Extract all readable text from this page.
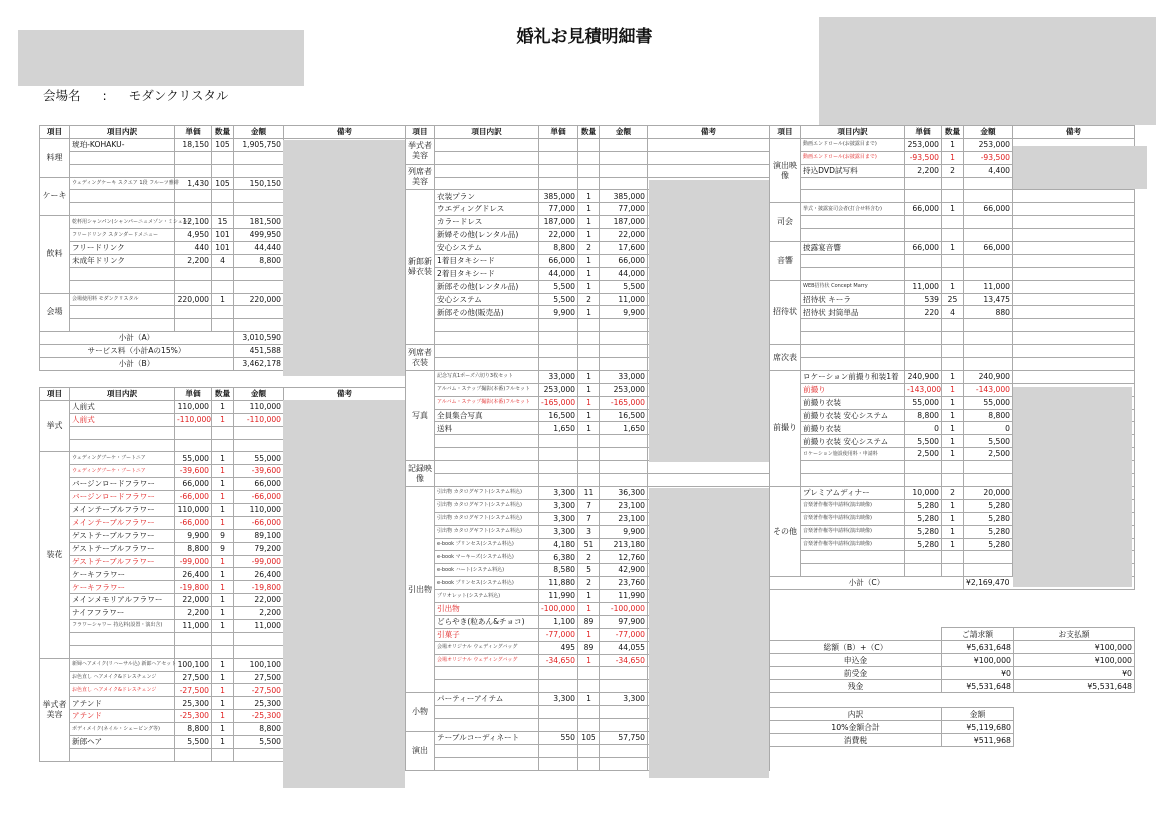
婚礼お見積明細書
会場名 : モダンクリスタル
項目	項目内訳	単価	数量	金額	備考
料理	琥珀-KOHAKU-	18,150	105	1,905,750	

ケーキ	ウェディングケーキ スクエア 1段 フルーツ雅緋	1,430	105	150,150	

飲料	乾杯用シャンパン(シャンパーニュメゾン・ミシェル)	12,100	15	181,500	
	フリードリンク スタンダードメニュー	4,950	101	499,950	
	フリードリンク	440	101	44,440	
	未成年ドリンク	2,200	4	8,800	

会場	会場使用料 モダンクリスタル	220,000	1	220,000	

小計（A）				3,010,590	
サービス料（小計Aの15%）				451,588	
小計（B）				3,462,178	
項目	項目内訳	単価	数量	金額	備考
挙式	人前式	110,000	1	110,000	
	人前式	-110,000	1	-110,000	

装花	ウェディングブーケ・ブートニア	55,000	1	55,000	
	ウェディングブーケ・ブートニア	-39,600	1	-39,600	
	バージンロードフラワー	66,000	1	66,000	
	バージンロードフラワー	-66,000	1	-66,000	
	メインテーブルフラワー	110,000	1	110,000	
	メインテーブルフラワー	-66,000	1	-66,000	
	ゲストテーブルフラワー	9,900	9	89,100	
	ゲストテーブルフラワー	8,800	9	79,200	
	ゲストテーブルフラワー	-99,000	1	-99,000	
	ケーキフラワー	26,400	1	26,400	
	ケーキフラワー	-19,800	1	-19,800	
	メインメモリアルフラワー	22,000	1	22,000	
	ナイフフラワー	2,200	1	2,200	
	フラワーシャワー 持込料(設置・演出含)	11,000	1	11,000	

挙式者 美容	新婦ヘアメイク(リハーサル込) 新郎ヘアセット	100,100	1	100,100	
	お色直し ヘアメイク&ドレスチェンジ	27,500	1	27,500	
	お色直し ヘアメイク&ドレスチェンジ	-27,500	1	-27,500	
	アテンド	25,300	1	25,300	
	アテンド	-25,300	1	-25,300	
	ボディメイク(ネイル・シェービング等)	8,800	1	8,800	
	新郎ヘア	5,500	1	5,500	

項目	項目内訳	単価	数量	金額	備考
挙式者 美容					

列席者 美容					

新郎新 婦衣装	衣装プラン	385,000	1	385,000	
	ウエディングドレス	77,000	1	77,000	
	カラードレス	187,000	1	187,000	
	新婦その他(レンタル品)	22,000	1	22,000	
	安心システム	8,800	2	17,600	
	1着目タキシード	66,000	1	66,000	
	2着目タキシード	44,000	1	44,000	
	新郎その他(レンタル品)	5,500	1	5,500	
	安心システム	5,500	2	11,000	
	新郎その他(販売品)	9,900	1	9,900	

列席者 衣装					

写真	記念写真1ポーズ六切り3枚セット	33,000	1	33,000	
	アルバム・スナップ撮影(本番)フルセット	253,000	1	253,000	
	アルバム・スナップ撮影(本番)フルセット	-165,000	1	-165,000	
	全員集合写真	16,500	1	16,500	
	送料	1,650	1	1,650	

記録映 像					

引出物	引出物 カタログギフト(システム料込)	3,300	11	36,300	
	引出物 カタログギフト(システム料込)	3,300	7	23,100	
	引出物 カタログギフト(システム料込)	3,300	7	23,100	
	引出物 カタログギフト(システム料込)	3,300	3	9,900	
	e-book プリンセス(システム料込)	4,180	51	213,180	
	e-book マーキーズ(システム料込)	6,380	2	12,760	
	e-book ハート(システム料込)	8,580	5	42,900	
	e-book プリンセス(システム料込)	11,880	2	23,760	
	プリオレット(システム料込)	11,990	1	11,990	
	引出物	-100,000	1	-100,000	
	どらやき(粒あん&チョコ)	1,100	89	97,900	
	引菓子	-77,000	1	-77,000	
	会場オリジナル ウェディングバッグ	495	89	44,055	
	会場オリジナル ウェディングバッグ	-34,650	1	-34,650	

小物	パーティーアイテム	3,300	1	3,300	

演出	テーブルコーディネート	550	105	57,750	

項目	項目内訳	単価	数量	金額	備考
演出映 像	動画エンドロール(お披露目まで)	253,000	1	253,000	
	動画エンドロール(お披露目まで)	-93,500	1	-93,500	
	持込DVD試写料	2,200	2	4,400	

司会	挙式・披露宴司会者(打合せ料含む)	66,000	1	66,000	

音響	披露宴音響	66,000	1	66,000	

招待状	WEB招待状 Concept Marry	11,000	1	11,000	
	招待状 キーラ	539	25	13,475	
	招待状 封筒単品	220	4	880	

席次表					

前撮り	ロケーション前撮り和装1着	240,900	1	240,900	
	前撮り	-143,000	1	-143,000	
	前撮り衣装	55,000	1	55,000	
	前撮り衣装 安心システム	8,800	1	8,800	
	前撮り衣装	0	1	0	
	前撮り衣装 安心システム	5,500	1	5,500	
	ロケーション施設使用料・申請料	2,500	1	2,500	

その他	プレミアムディナー	10,000	2	20,000	
	音楽著作権等申請料(演出映像)	5,280	1	5,280	
	音楽著作権等申請料(演出映像)	5,280	1	5,280	
	音楽著作権等申請料(演出映像)	5,280	1	5,280	
	音楽著作権等申請料(演出映像)	5,280	1	5,280	

小計（C）				¥2,169,470	
	ご請求額	お支払額
総額（B）+（C）	¥5,631,648	¥100,000
申込金	¥100,000	¥100,000
前受金	¥0	¥0
残金	¥5,531,648	¥5,531,648
内訳	金額	
10%金額合計	¥5,119,680	
消費税	¥511,968	
